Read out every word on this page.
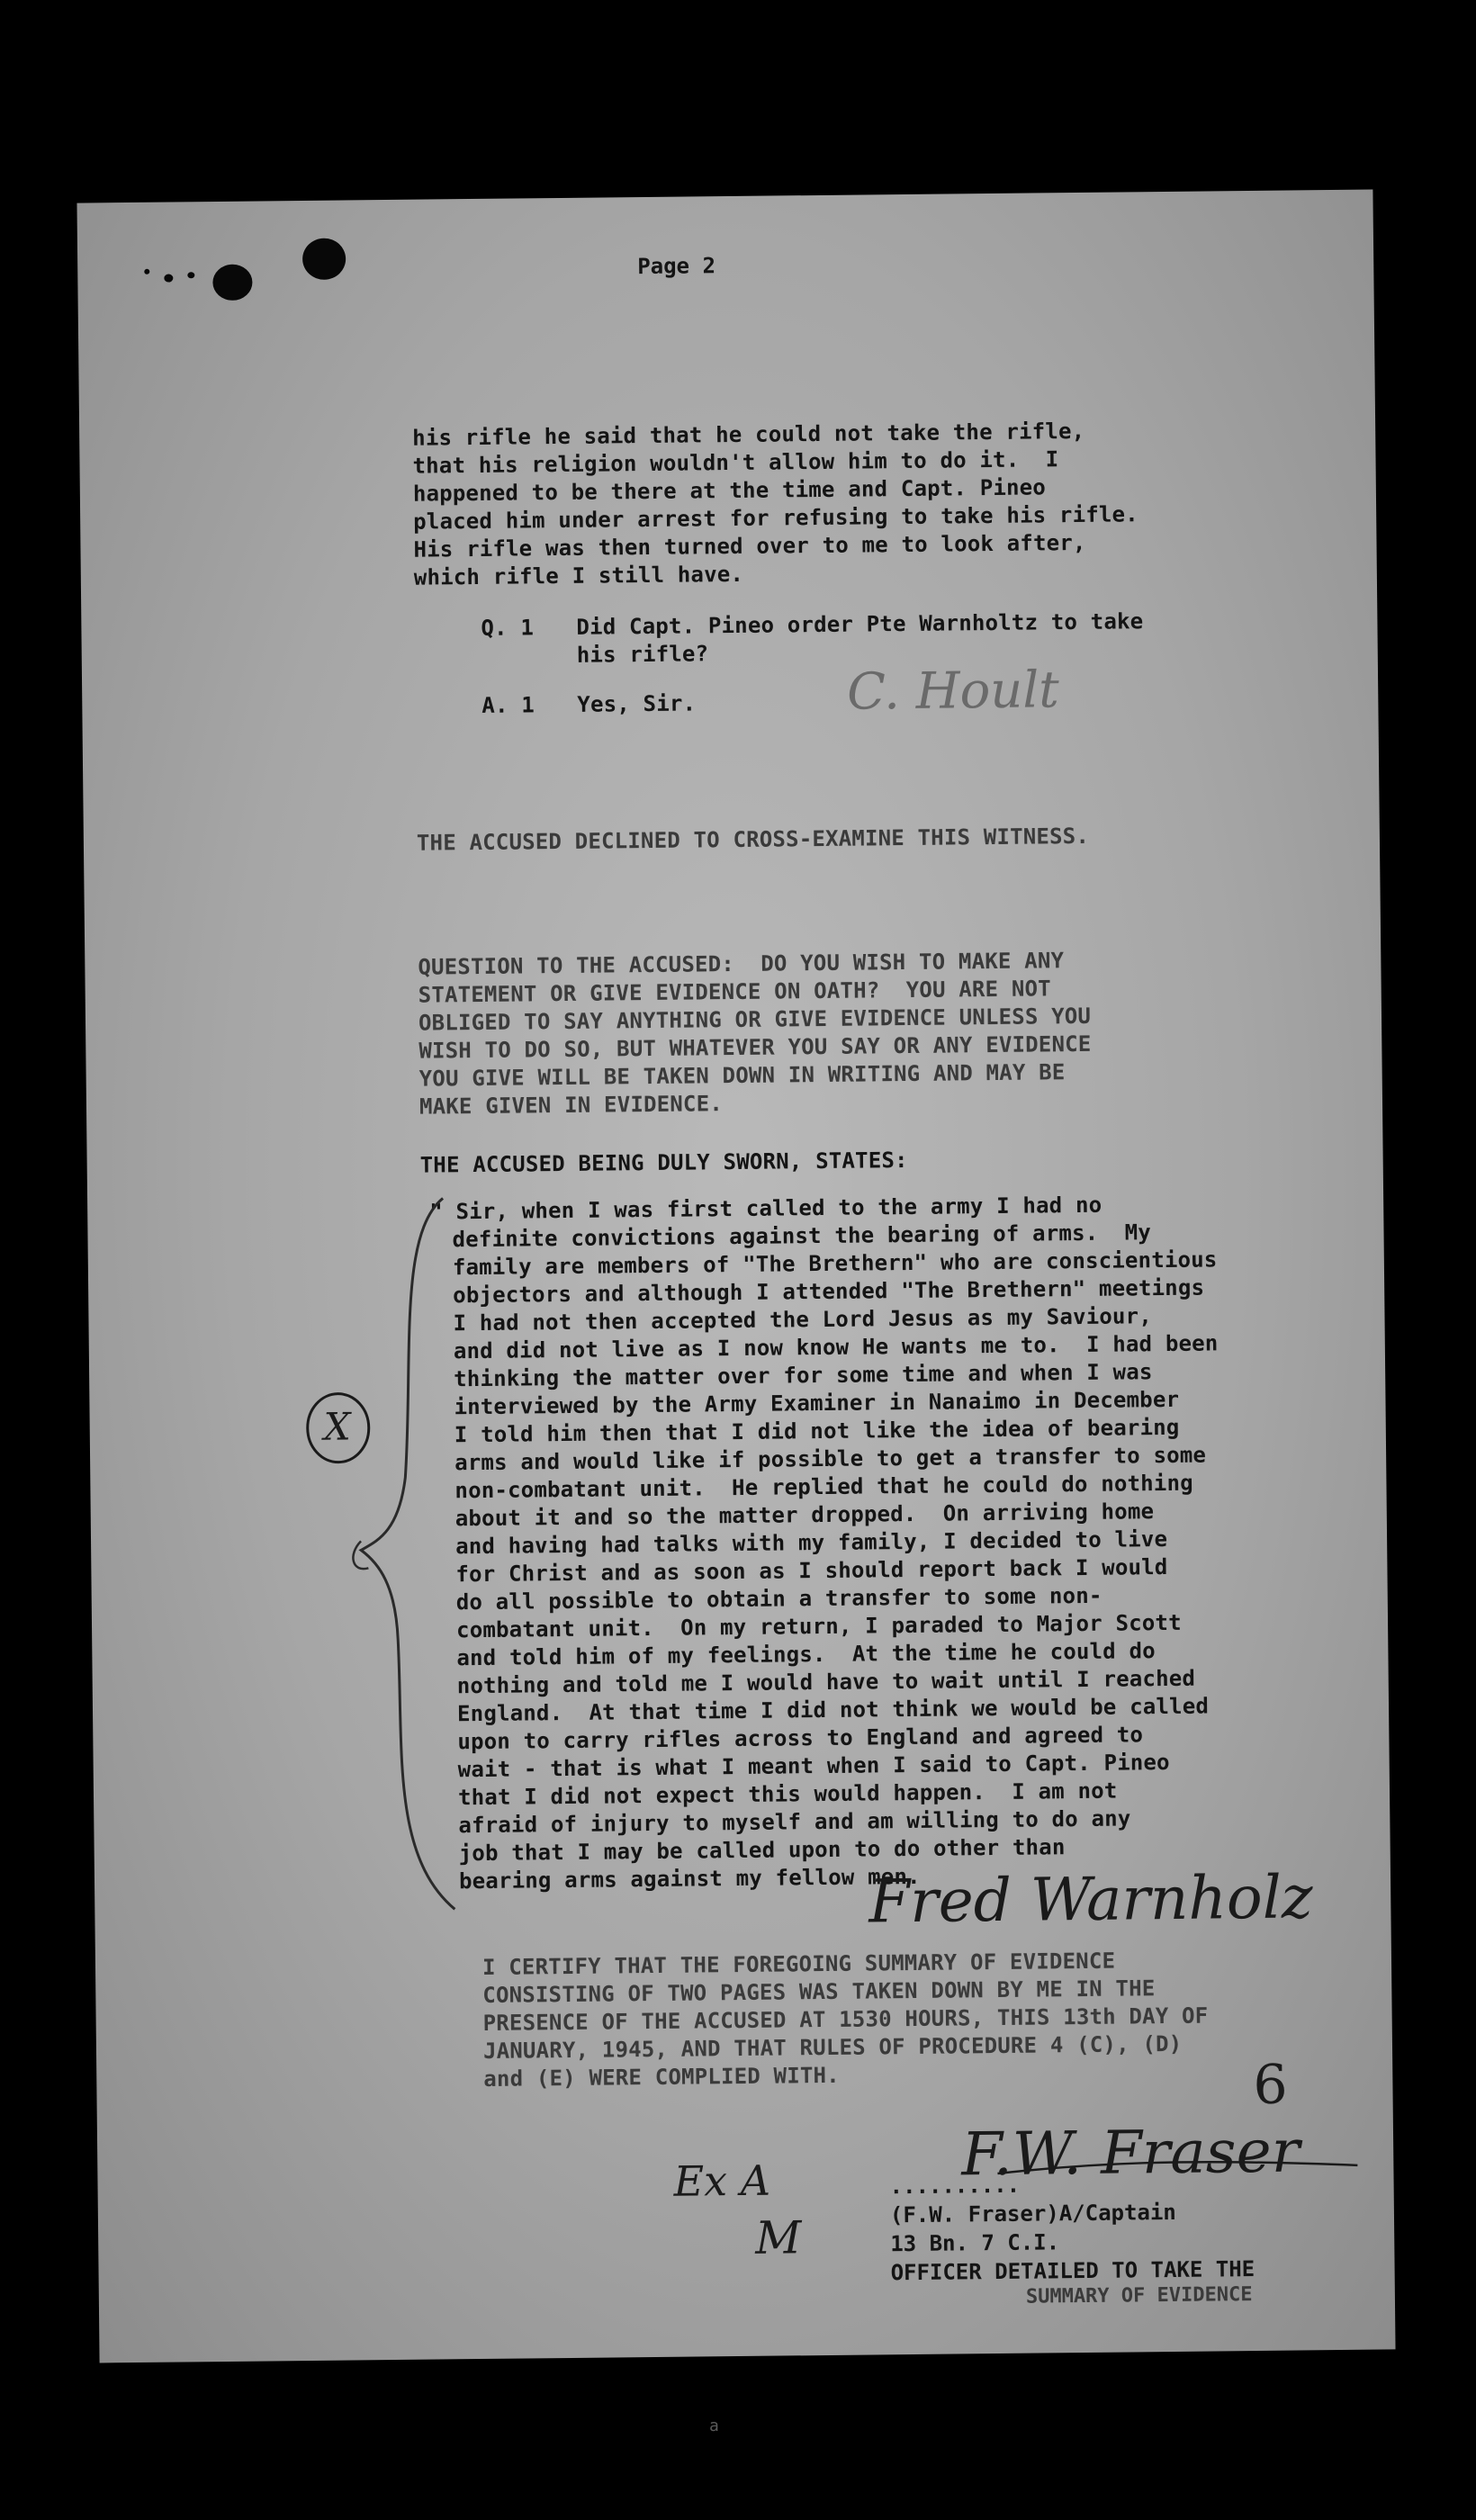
Page 2
his rifle he said that he could not take the rifle,
that his religion wouldn't allow him to do it.  I
happened to be there at the time and Capt. Pineo
placed him under arrest for refusing to take his rifle.
His rifle was then turned over to me to look after,
which rifle I still have.
Q. 1 Did Capt. Pineo order Pte Warnholtz to take
his rifle?
A. 1 Yes, Sir.	C. Hoult
THE ACCUSED DECLINED TO CROSS-EXAMINE THIS WITNESS.
QUESTION TO THE ACCUSED:  DO YOU WISH TO MAKE ANY
STATEMENT OR GIVE EVIDENCE ON OATH?  YOU ARE NOT
OBLIGED TO SAY ANYTHING OR GIVE EVIDENCE UNLESS YOU
WISH TO DO SO, BUT WHATEVER YOU SAY OR ANY EVIDENCE
YOU GIVE WILL BE TAKEN DOWN IN WRITING AND MAY BE
MAKE GIVEN IN EVIDENCE.
THE ACCUSED BEING DULY SWORN, STATES:
" Sir, when I was first called to the army I had no
definite convictions against the bearing of arms.  My
family are members of "The Brethern" who are conscientious
objectors and although I attended "The Brethern" meetings
I had not then accepted the Lord Jesus as my Saviour,
and did not live as I now know He wants me to.  I had been
thinking the matter over for some time and when I was
interviewed by the Army Examiner in Nanaimo in December
I told him then that I did not like the idea of bearing
arms and would like if possible to get a transfer to some
non-combatant unit.  He replied that he could do nothing
about it and so the matter dropped.  On arriving home
and having had talks with my family, I decided to live
for Christ and as soon as I should report back I would
do all possible to obtain a transfer to some non-
combatant unit.  On my return, I paraded to Major Scott
and told him of my feelings.  At the time he could do
nothing and told me I would have to wait until I reached
England.  At that time I did not think we would be called
upon to carry rifles across to England and agreed to
wait - that is what I meant when I said to Capt. Pineo
that I did not expect this would happen.  I am not
afraid of injury to myself and am willing to do any
job that I may be called upon to do other than
bearing arms against my fellow men.
X
Fred Warnholz
I CERTIFY THAT THE FOREGOING SUMMARY OF EVIDENCE
CONSISTING OF TWO PAGES WAS TAKEN DOWN BY ME IN THE
PRESENCE OF THE ACCUSED AT 1530 HOURS, THIS 13th DAY OF
JANUARY, 1945, AND THAT RULES OF PROCEDURE 4 (C), (D)
and (E) WERE COMPLIED WITH.	6
Ex A
M
F.W. Fraser
..........
(F.W. Fraser)A/Captain
13 Bn. 7 C.I.
OFFICER DETAILED TO TAKE THE
SUMMARY OF EVIDENCE
a
